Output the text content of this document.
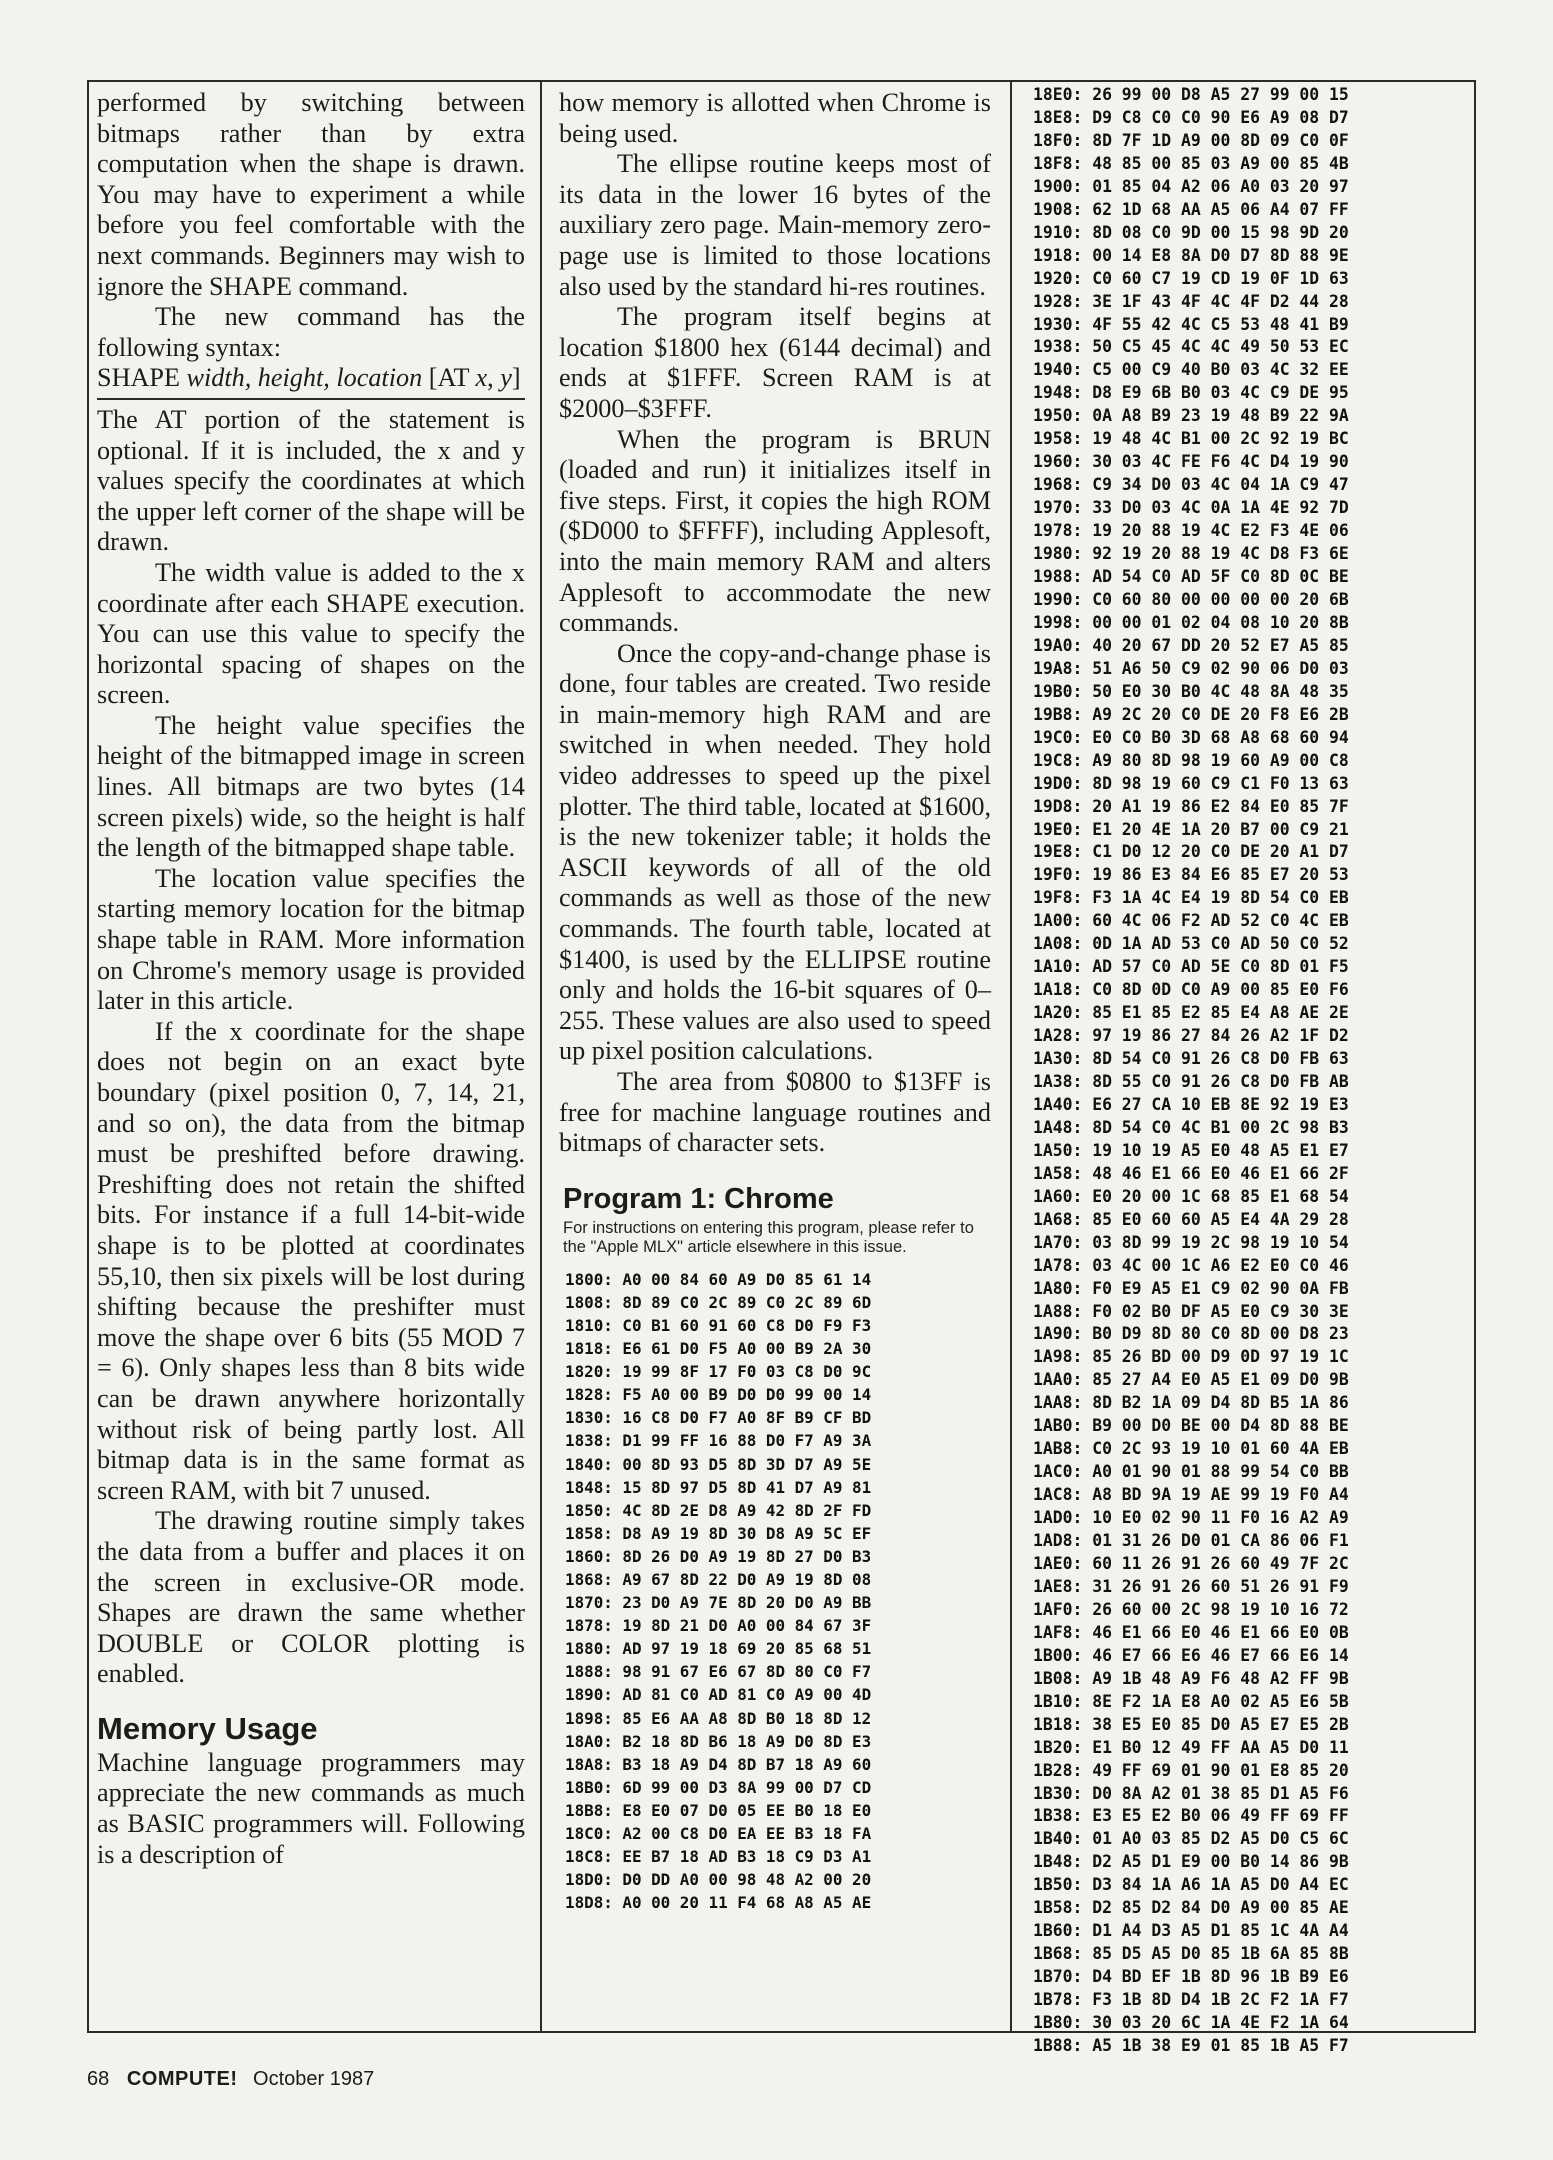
performed by switching between bitmaps rather than by extra computation when the shape is drawn. You may have to experiment a while before you feel comfortable with the next commands. Beginners may wish to ignore the SHAPE command.

The new command has the following syntax:

SHAPE width, height, location [AT x, y]

The AT portion of the statement is optional. If it is included, the x and y values specify the coordinates at which the upper left corner of the shape will be drawn.

The width value is added to the x coordinate after each SHAPE execution. You can use this value to specify the horizontal spacing of shapes on the screen.

The height value specifies the height of the bitmapped image in screen lines. All bitmaps are two bytes (14 screen pixels) wide, so the height is half the length of the bitmapped shape table.

The location value specifies the starting memory location for the bitmap shape table in RAM. More information on Chrome's memory usage is provided later in this article.

If the x coordinate for the shape does not begin on an exact byte boundary (pixel position 0, 7, 14, 21, and so on), the data from the bitmap must be preshifted before drawing. Preshifting does not retain the shifted bits. For instance if a full 14-bit-wide shape is to be plotted at coordinates 55,10, then six pixels will be lost during shifting because the preshifter must move the shape over 6 bits (55 MOD 7 = 6). Only shapes less than 8 bits wide can be drawn anywhere horizontally without risk of being partly lost. All bitmap data is in the same format as screen RAM, with bit 7 unused.

The drawing routine simply takes the data from a buffer and places it on the screen in exclusive-OR mode. Shapes are drawn the same whether DOUBLE or COLOR plotting is enabled.

Memory Usage

Machine language programmers may appreciate the new commands as much as BASIC programmers will. Following is a description of

how memory is allotted when Chrome is being used.

The ellipse routine keeps most of its data in the lower 16 bytes of the auxiliary zero page. Main-memory zero-page use is limited to those locations also used by the standard hi-res routines.

The program itself begins at location $1800 hex (6144 decimal) and ends at $1FFF. Screen RAM is at $2000–$3FFF.

When the program is BRUN (loaded and run) it initializes itself in five steps. First, it copies the high ROM ($D000 to $FFFF), including Applesoft, into the main memory RAM and alters Applesoft to accommodate the new commands.

Once the copy-and-change phase is done, four tables are created. Two reside in main-memory high RAM and are switched in when needed. They hold video addresses to speed up the pixel plotter. The third table, located at $1600, is the new tokenizer table; it holds the ASCII keywords of all of the old commands as well as those of the new commands. The fourth table, located at $1400, is used by the ELLIPSE routine only and holds the 16-bit squares of 0–255. These values are also used to speed up pixel position calculations.

The area from $0800 to $13FF is free for machine language routines and bitmaps of character sets.

Program 1: Chrome
For instructions on entering this program, please refer to the "Apple MLX" article elsewhere in this issue.
1800: A0 00 84 60 A9 D0 85 61 14
1808: 8D 89 C0 2C 89 C0 2C 89 6D
1810: C0 B1 60 91 60 C8 D0 F9 F3
1818: E6 61 D0 F5 A0 00 B9 2A 30
1820: 19 99 8F 17 F0 03 C8 D0 9C
1828: F5 A0 00 B9 D0 D0 99 00 14
1830: 16 C8 D0 F7 A0 8F B9 CF BD
1838: D1 99 FF 16 88 D0 F7 A9 3A
1840: 00 8D 93 D5 8D 3D D7 A9 5E
1848: 15 8D 97 D5 8D 41 D7 A9 81
1850: 4C 8D 2E D8 A9 42 8D 2F FD
1858: D8 A9 19 8D 30 D8 A9 5C EF
1860: 8D 26 D0 A9 19 8D 27 D0 B3
1868: A9 67 8D 22 D0 A9 19 8D 08
1870: 23 D0 A9 7E 8D 20 D0 A9 BB
1878: 19 8D 21 D0 A0 00 84 67 3F
1880: AD 97 19 18 69 20 85 68 51
1888: 98 91 67 E6 67 8D 80 C0 F7
1890: AD 81 C0 AD 81 C0 A9 00 4D
1898: 85 E6 AA A8 8D B0 18 8D 12
18A0: B2 18 8D B6 18 A9 D0 8D E3
18A8: B3 18 A9 D4 8D B7 18 A9 60
18B0: 6D 99 00 D3 8A 99 00 D7 CD
18B8: E8 E0 07 D0 05 EE B0 18 E0
18C0: A2 00 C8 D0 EA EE B3 18 FA
18C8: EE B7 18 AD B3 18 C9 D3 A1
18D0: D0 DD A0 00 98 48 A2 00 20
18D8: A0 00 20 11 F4 68 A8 A5 AE
18E0: 26 99 00 D8 A5 27 99 00 15
18E8: D9 C8 C0 C0 90 E6 A9 08 D7
18F0: 8D 7F 1D A9 00 8D 09 C0 0F
18F8: 48 85 00 85 03 A9 00 85 4B
1900: 01 85 04 A2 06 A0 03 20 97
1908: 62 1D 68 AA A5 06 A4 07 FF
1910: 8D 08 C0 9D 00 15 98 9D 20
1918: 00 14 E8 8A D0 D7 8D 88 9E
1920: C0 60 C7 19 CD 19 0F 1D 63
1928: 3E 1F 43 4F 4C 4F D2 44 28
1930: 4F 55 42 4C C5 53 48 41 B9
1938: 50 C5 45 4C 4C 49 50 53 EC
1940: C5 00 C9 40 B0 03 4C 32 EE
1948: D8 E9 6B B0 03 4C C9 DE 95
1950: 0A A8 B9 23 19 48 B9 22 9A
1958: 19 48 4C B1 00 2C 92 19 BC
1960: 30 03 4C FE F6 4C D4 19 90
1968: C9 34 D0 03 4C 04 1A C9 47
1970: 33 D0 03 4C 0A 1A 4E 92 7D
1978: 19 20 88 19 4C E2 F3 4E 06
1980: 92 19 20 88 19 4C D8 F3 6E
1988: AD 54 C0 AD 5F C0 8D 0C BE
1990: C0 60 80 00 00 00 00 20 6B
1998: 00 00 01 02 04 08 10 20 8B
19A0: 40 20 67 DD 20 52 E7 A5 85
19A8: 51 A6 50 C9 02 90 06 D0 03
19B0: 50 E0 30 B0 4C 48 8A 48 35
19B8: A9 2C 20 C0 DE 20 F8 E6 2B
19C0: E0 C0 B0 3D 68 A8 68 60 94
19C8: A9 80 8D 98 19 60 A9 00 C8
19D0: 8D 98 19 60 C9 C1 F0 13 63
19D8: 20 A1 19 86 E2 84 E0 85 7F
19E0: E1 20 4E 1A 20 B7 00 C9 21
19E8: C1 D0 12 20 C0 DE 20 A1 D7
19F0: 19 86 E3 84 E6 85 E7 20 53
19F8: F3 1A 4C E4 19 8D 54 C0 EB
1A00: 60 4C 06 F2 AD 52 C0 4C EB
1A08: 0D 1A AD 53 C0 AD 50 C0 52
1A10: AD 57 C0 AD 5E C0 8D 01 F5
1A18: C0 8D 0D C0 A9 00 85 E0 F6
1A20: 85 E1 85 E2 85 E4 A8 AE 2E
1A28: 97 19 86 27 84 26 A2 1F D2
1A30: 8D 54 C0 91 26 C8 D0 FB 63
1A38: 8D 55 C0 91 26 C8 D0 FB AB
1A40: E6 27 CA 10 EB 8E 92 19 E3
1A48: 8D 54 C0 4C B1 00 2C 98 B3
1A50: 19 10 19 A5 E0 48 A5 E1 E7
1A58: 48 46 E1 66 E0 46 E1 66 2F
1A60: E0 20 00 1C 68 85 E1 68 54
1A68: 85 E0 60 60 A5 E4 4A 29 28
1A70: 03 8D 99 19 2C 98 19 10 54
1A78: 03 4C 00 1C A6 E2 E0 C0 46
1A80: F0 E9 A5 E1 C9 02 90 0A FB
1A88: F0 02 B0 DF A5 E0 C9 30 3E
1A90: B0 D9 8D 80 C0 8D 00 D8 23
1A98: 85 26 BD 00 D9 0D 97 19 1C
1AA0: 85 27 A4 E0 A5 E1 09 D0 9B
1AA8: 8D B2 1A 09 D4 8D B5 1A 86
1AB0: B9 00 D0 BE 00 D4 8D 88 BE
1AB8: C0 2C 93 19 10 01 60 4A EB
1AC0: A0 01 90 01 88 99 54 C0 BB
1AC8: A8 BD 9A 19 AE 99 19 F0 A4
1AD0: 10 E0 02 90 11 F0 16 A2 A9
1AD8: 01 31 26 D0 01 CA 86 06 F1
1AE0: 60 11 26 91 26 60 49 7F 2C
1AE8: 31 26 91 26 60 51 26 91 F9
1AF0: 26 60 00 2C 98 19 10 16 72
1AF8: 46 E1 66 E0 46 E1 66 E0 0B
1B00: 46 E7 66 E6 46 E7 66 E6 14
1B08: A9 1B 48 A9 F6 48 A2 FF 9B
1B10: 8E F2 1A E8 A0 02 A5 E6 5B
1B18: 38 E5 E0 85 D0 A5 E7 E5 2B
1B20: E1 B0 12 49 FF AA A5 D0 11
1B28: 49 FF 69 01 90 01 E8 85 20
1B30: D0 8A A2 01 38 85 D1 A5 F6
1B38: E3 E5 E2 B0 06 49 FF 69 FF
1B40: 01 A0 03 85 D2 A5 D0 C5 6C
1B48: D2 A5 D1 E9 00 B0 14 86 9B
1B50: D3 84 1A A6 1A A5 D0 A4 EC
1B58: D2 85 D2 84 D0 A9 00 85 AE
1B60: D1 A4 D3 A5 D1 85 1C 4A A4
1B68: 85 D5 A5 D0 85 1B 6A 85 8B
1B70: D4 BD EF 1B 8D 96 1B B9 E6
1B78: F3 1B 8D D4 1B 2C F2 1A F7
1B80: 30 03 20 6C 1A 4E F2 1A 64
1B88: A5 1B 38 E9 01 85 1B A5 F7
68 COMPUTE! October 1987
